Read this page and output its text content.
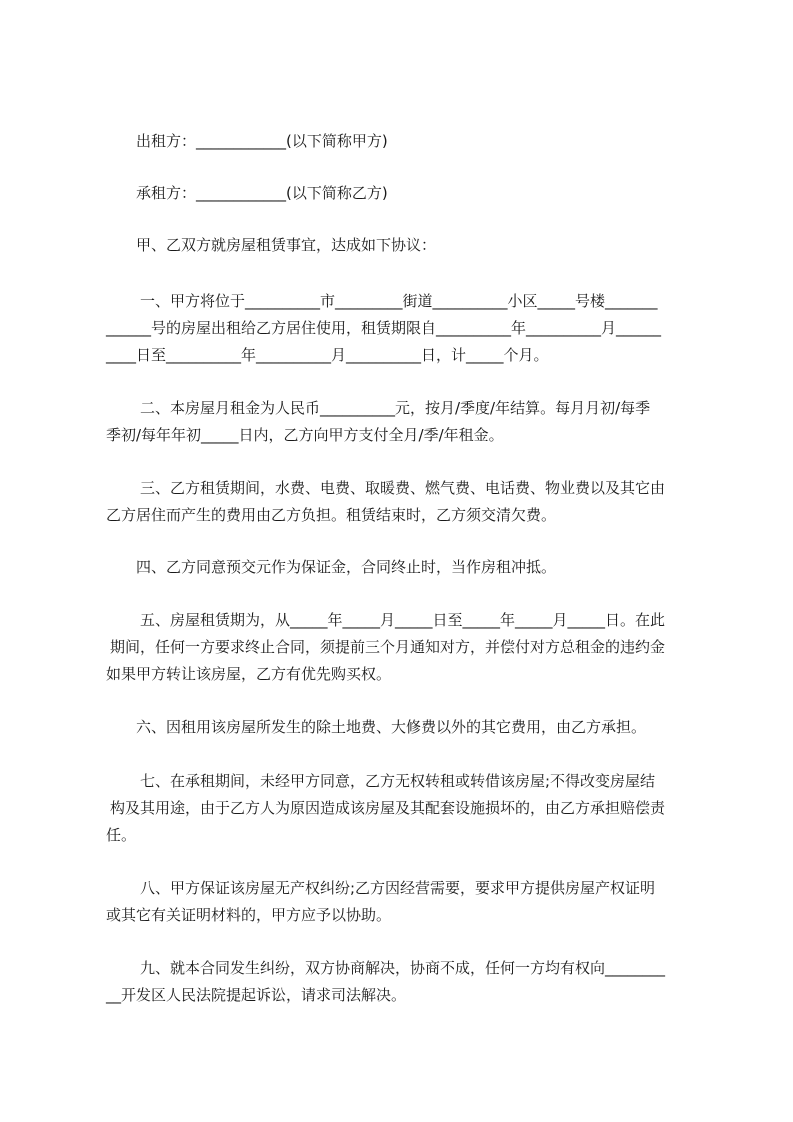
出租方：____________(以下简称甲方)
承租方：____________(以下简称乙方)
甲、乙双方就房屋租赁事宜，达成如下协议：
一、甲方将位于__________市_________街道__________小区_____号楼_______
______号的房屋出租给乙方居住使用，租赁期限自__________年__________月______
____日至__________年__________月__________日，计_____个月。
二、本房屋月租金为人民币__________元，按月/季度/年结算。每月月初/每季
季初/每年年初_____日内，乙方向甲方支付全月/季/年租金。
三、乙方租赁期间，水费、电费、取暖费、燃气费、电话费、物业费以及其它由
乙方居住而产生的费用由乙方负担。租赁结束时，乙方须交清欠费。
四、乙方同意预交元作为保证金，合同终止时，当作房租冲抵。
五、房屋租赁期为，从_____年_____月_____日至_____年_____月_____日。在此
期间，任何一方要求终止合同，须提前三个月通知对方，并偿付对方总租金的违约金
如果甲方转让该房屋，乙方有优先购买权。
六、因租用该房屋所发生的除土地费、大修费以外的其它费用，由乙方承担。
七、在承租期间，未经甲方同意，乙方无权转租或转借该房屋;不得改变房屋结
构及其用途，由于乙方人为原因造成该房屋及其配套设施损坏的，由乙方承担赔偿责
任。
八、甲方保证该房屋无产权纠纷;乙方因经营需要，要求甲方提供房屋产权证明
或其它有关证明材料的，甲方应予以协助。
九、就本合同发生纠纷，双方协商解决，协商不成，任何一方均有权向________
__开发区人民法院提起诉讼，请求司法解决。
